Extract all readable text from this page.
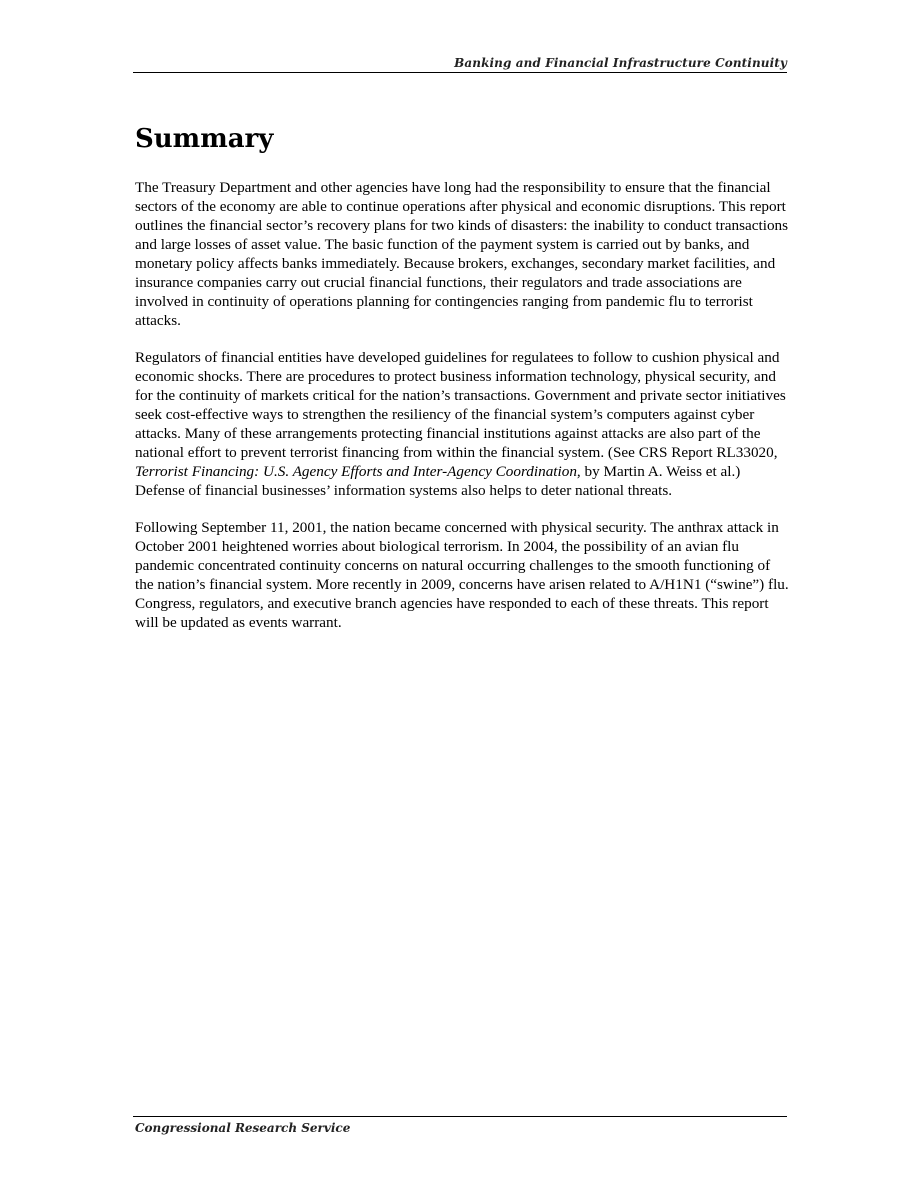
Banking and Financial Infrastructure Continuity
Summary

The Treasury Department and other agencies have long had the responsibility to ensure that the financial sectors of the economy are able to continue operations after physical and economic disruptions. This report outlines the financial sector’s recovery plans for two kinds of disasters: the inability to conduct transactions and large losses of asset value. The basic function of the payment system is carried out by banks, and monetary policy affects banks immediately. Because brokers, exchanges, secondary market facilities, and insurance companies carry out crucial financial functions, their regulators and trade associations are involved in continuity of operations planning for contingencies ranging from pandemic flu to terrorist attacks.

Regulators of financial entities have developed guidelines for regulatees to follow to cushion physical and economic shocks. There are procedures to protect business information technology, physical security, and for the continuity of markets critical for the nation’s transactions. Government and private sector initiatives seek cost-effective ways to strengthen the resiliency of the financial system’s computers against cyber attacks. Many of these arrangements protecting financial institutions against attacks are also part of the national effort to prevent terrorist financing from within the financial system. (See CRS Report RL33020, Terrorist Financing: U.S. Agency Efforts and Inter-Agency Coordination, by Martin A. Weiss et al.) Defense of financial businesses’ information systems also helps to deter national threats.

Following September 11, 2001, the nation became concerned with physical security. The anthrax attack in October 2001 heightened worries about biological terrorism. In 2004, the possibility of an avian flu pandemic concentrated continuity concerns on natural occurring challenges to the smooth functioning of the nation’s financial system. More recently in 2009, concerns have arisen related to A/H1N1 (“swine”) flu. Congress, regulators, and executive branch agencies have responded to each of these threats. This report will be updated as events warrant.

Congressional Research Service
